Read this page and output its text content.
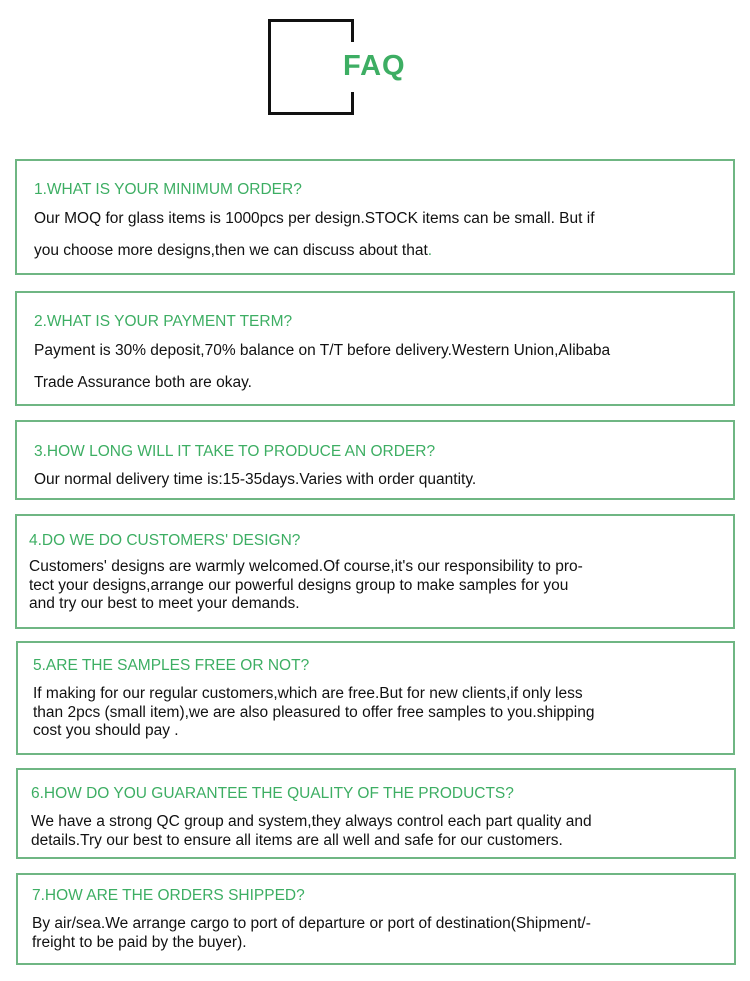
FAQ
1.WHAT IS YOUR MINIMUM ORDER?

Our MOQ for glass items is 1000pcs per design.STOCK items can be small. But if
you choose more designs,then we can discuss about that.

2.WHAT IS YOUR PAYMENT TERM?

Payment is 30% deposit,70% balance on T/T before delivery.Western Union,Alibaba
Trade Assurance both are okay.

3.HOW LONG WILL IT TAKE TO PRODUCE AN ORDER?

Our normal delivery time is:15-35days.Varies with order quantity.

4.DO WE DO CUSTOMERS' DESIGN?

Customers' designs are warmly welcomed.Of course,it's our responsibility to pro-
tect your designs,arrange our powerful designs group to make samples for you
and try our best to meet your demands.

5.ARE THE SAMPLES FREE OR NOT?

If making for our regular customers,which are free.But for new clients,if only less
than 2pcs (small item),we are also pleasured to offer free samples to you.shipping
cost you should pay .

6.HOW DO YOU GUARANTEE THE QUALITY OF THE PRODUCTS?

We have a strong QC group and system,they always control each part quality and
details.Try our best to ensure all items are all well and safe for our customers.

7.HOW ARE THE ORDERS SHIPPED?

By air/sea.We arrange cargo to port of departure or port of destination(Shipment/-
freight to be paid by the buyer).
